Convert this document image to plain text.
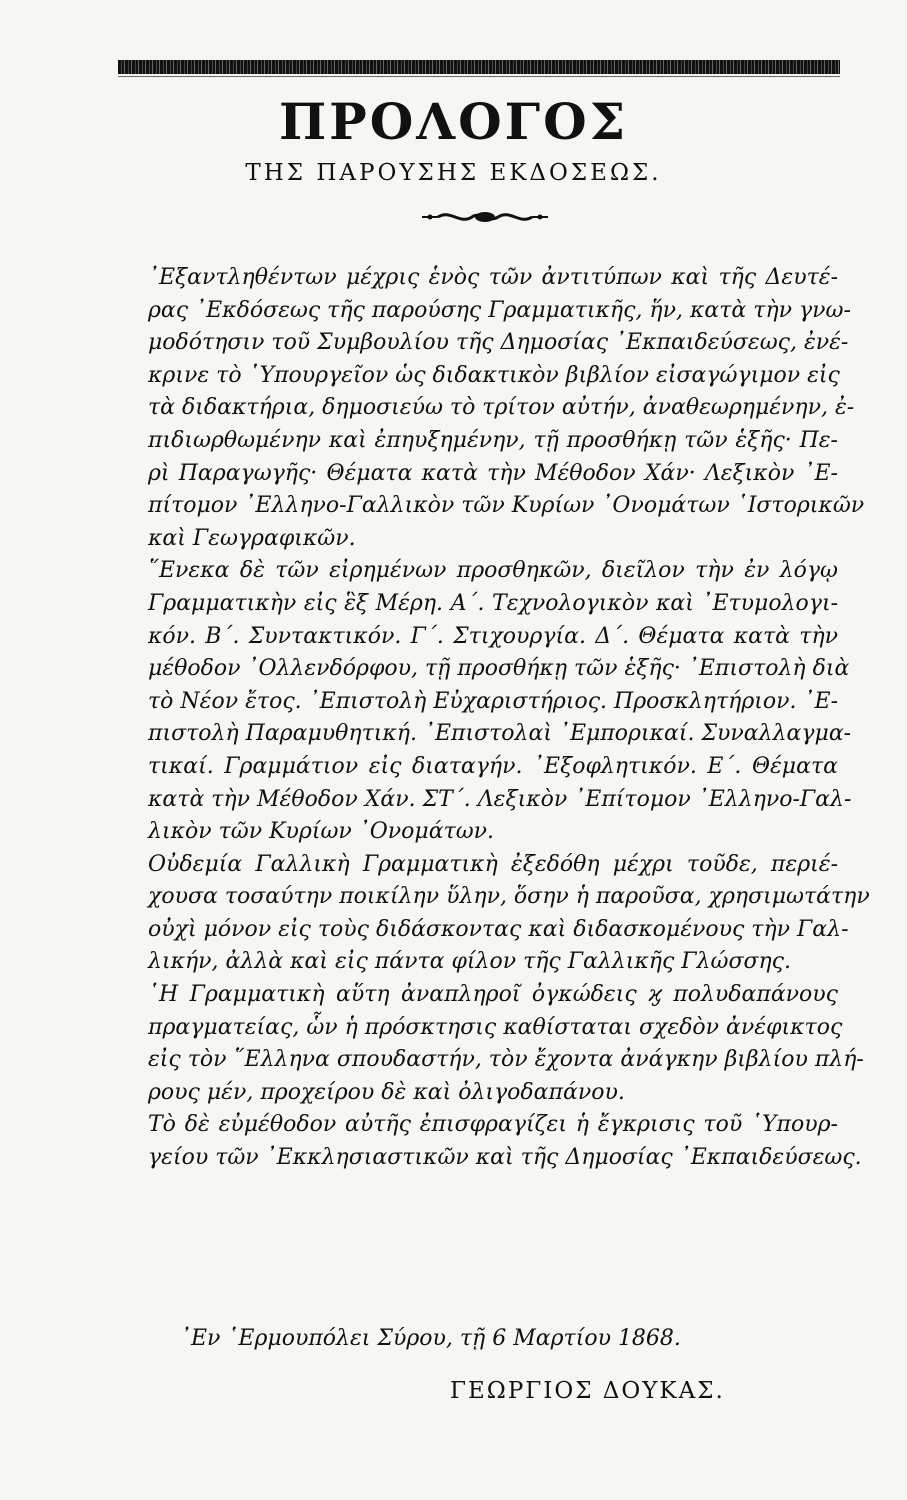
ΠΡΟΛΟΓΟΣ
ΤΗΣ ΠΑΡΟΥΣΗΣ ΕΚΔΟΣΕΩΣ.
᾿Εξαντληθέντων μέχρις ἑνὸς τῶν ἀντιτύπων καὶ τῆς Δευτέ-
ρας ᾿Εκδόσεως τῆς παρούσης Γραμματικῆς, ἥν, κατὰ τὴν γνω-
μοδότησιν τοῦ Συμβουλίου τῆς Δημοσίας ᾿Εκπαιδεύσεως, ἐνέ-
κρινε τὸ ῾Υπουργεῖον ὡς διδακτικὸν βιβλίον εἰσαγώγιμον εἰς
τὰ διδακτήρια, δημοσιεύω τὸ τρίτον αὐτήν, ἀναθεωρημένην, ἐ-
πιδιωρθωμένην καὶ ἐπηυξημένην, τῇ προσθήκῃ τῶν ἑξῆς· Πε-
ρὶ Παραγωγῆς· Θέματα κατὰ τὴν Μέθοδον Χάν· Λεξικὸν ᾿Ε-
πίτομον ᾿Ελληνο-Γαλλικὸν τῶν Κυρίων ᾿Ονομάτων ῾Ιστορικῶν
καὶ Γεωγραφικῶν.
῞Ενεκα δὲ τῶν εἰρημένων προσθηκῶν, διεῖλον τὴν ἐν λόγῳ
Γραμματικὴν εἰς ἓξ Μέρη. Α΄. Τεχνολογικὸν καὶ ᾿Ετυμολογι-
κόν. Β΄. Συντακτικόν. Γ΄. Στιχουργία. Δ΄. Θέματα κατὰ τὴν
μέθοδον ᾿Ολλενδόρφου, τῇ προσθήκῃ τῶν ἑξῆς· ᾿Επιστολὴ διὰ
τὸ Νέον ἔτος. ᾿Επιστολὴ Εὐχαριστήριος. Προσκλητήριον. ᾿Ε-
πιστολὴ Παραμυθητική. ᾿Επιστολαὶ ᾿Εμπορικαί. Συναλλαγμα-
τικαί. Γραμμάτιον εἰς διαταγήν. ᾿Εξοφλητικόν. Ε΄. Θέματα
κατὰ τὴν Μέθοδον Χάν. ΣΤ΄. Λεξικὸν ᾿Επίτομον ᾿Ελληνο-Γαλ-
λικὸν τῶν Κυρίων ᾿Ονομάτων.
Οὐδεμία Γαλλικὴ Γραμματικὴ ἐξεδόθη μέχρι τοῦδε, περιέ-
χουσα τοσαύτην ποικίλην ὕλην, ὅσην ἡ παροῦσα, χρησιμωτάτην
οὐχὶ μόνον εἰς τοὺς διδάσκοντας καὶ διδασκομένους τὴν Γαλ-
λικήν, ἀλλὰ καὶ εἰς πάντα φίλον τῆς Γαλλικῆς Γλώσσης.
῾Η Γραμματικὴ αὕτη ἀναπληροῖ ὀγκώδεις ϗ πολυδαπάνους
πραγματείας, ὧν ἡ πρόσκτησις καθίσταται σχεδὸν ἀνέφικτος
εἰς τὸν ῞Ελληνα σπουδαστήν, τὸν ἔχοντα ἀνάγκην βιβλίου πλή-
ρους μέν, προχείρου δὲ καὶ ὀλιγοδαπάνου.
Τὸ δὲ εὐμέθοδον αὐτῆς ἐπισφραγίζει ἡ ἔγκρισις τοῦ ῾Υπουρ-
γείου τῶν ᾿Εκκλησιαστικῶν καὶ τῆς Δημοσίας ᾿Εκπαιδεύσεως.
᾿Εν ῾Ερμουπόλει Σύρου, τῇ 6 Μαρτίου 1868.
ΓΕΩΡΓΙΟΣ ΔΟΥΚΑΣ.
